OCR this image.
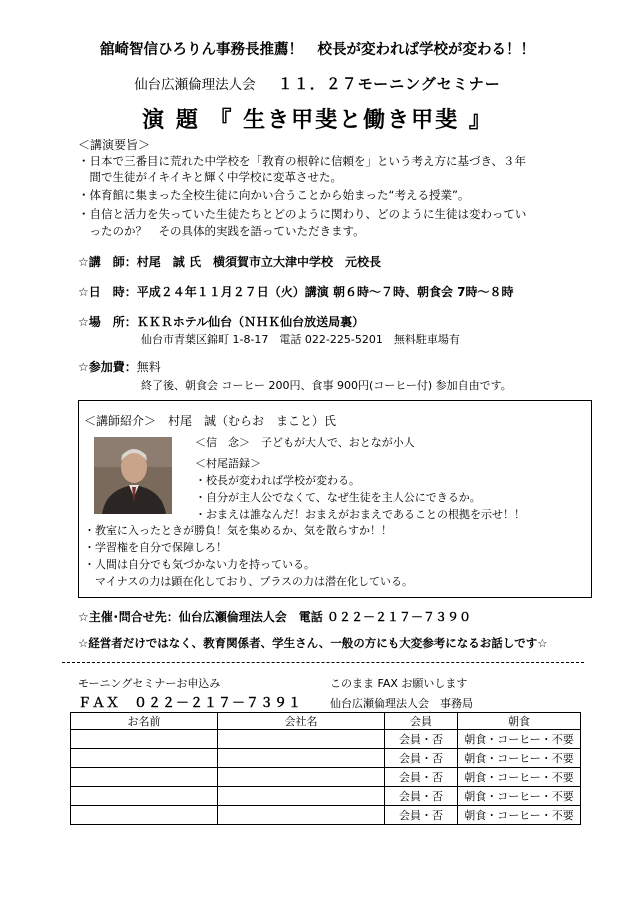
舘崎智信ひろりん事務長推薦！　校長が変われば学校が変わる！！
仙台広瀬倫理法人会 １１．２７モーニングセミナー
演 題 『 生き甲斐と働き甲斐 』
＜講演要旨＞
・日本で三番目に荒れた中学校を「教育の根幹に信頼を」という考え方に基づき、３年
　間で生徒がイキイキと輝く中学校に変革させた。
・体育館に集まった全校生徒に向かい合うことから始まった“考える授業”。
・自信と活力を失っていた生徒たちとどのように関わり、どのように生徒は変わってい
　ったのか？　その具体的実践を語っていただきます。
☆講　師：村尾　誠 氏　横須賀市立大津中学校　元校長
☆日　時：平成２４年１１月２７日（火）講演 朝６時～７時、朝食会 7時～８時
☆場　所：ＫＫＲホテル仙台（ＮＨＫ仙台放送局裏）
仙台市青葉区錦町 1-8-17　電話 022-225-5201　無料駐車場有
☆参加費：無料
終了後、朝食会 コーヒー 200円、食事 900円(コーヒー付) 参加自由です。
＜講師紹介＞　村尾　誠（むらお　まこと）氏
＜信　念＞　子どもが大人で、おとなが小人
＜村尾語録＞
・校長が変われば学校が変わる。
・自分が主人公でなくて、なぜ生徒を主人公にできるか。
・おまえは誰なんだ！おまえがおまえであることの根拠を示せ！！
・教室に入ったときが勝負！気を集めるか、気を散らすか！！
・学習権を自分で保障しろ！
・人間は自分でも気づかない力を持っている。
　マイナスの力は顕在化しており、プラスの力は潜在化している。
☆主催･問合せ先：仙台広瀬倫理法人会　電話 ０２２－２１７－７３９０
☆経営者だけではなく、教育関係者、学生さん、一般の方にも大変参考になるお話しです☆
モーニングセミナーお申込み
ＦＡＸ　０２２－２１７－７３９１
このまま FAX お願いします
仙台広瀬倫理法人会　事務局
お名前	会社名	会員	朝食
		会員・否	朝食・コーヒー・不要
		会員・否	朝食・コーヒー・不要
		会員・否	朝食・コーヒー・不要
		会員・否	朝食・コーヒー・不要
		会員・否	朝食・コーヒー・不要
